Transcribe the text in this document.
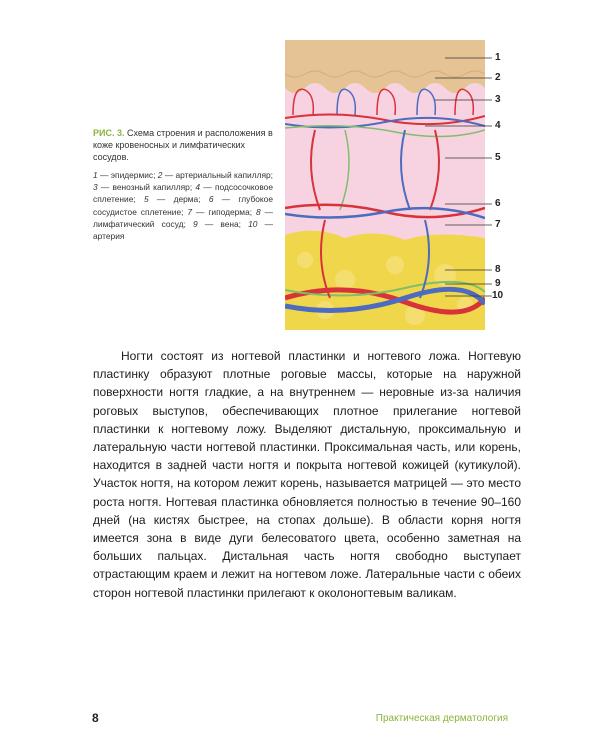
РИС. 3. Схема строения и расположения в коже кровеносных и лимфатических сосудов.

1 — эпидермис; 2 — артериальный капилляр; 3 — венозный капилляр; 4 — подсосочковое сплетение; 5 — дерма; 6 — глубокое сосудистое сплетение; 7 — гиподерма; 8 — лимфатический сосуд; 9 — вена; 10 — артерия

1
2
3
4
5
6
7
8
9
10

Ногти состоят из ногтевой пластинки и ногтевого ложа. Ногтевую пластинку образуют плотные роговые массы, которые на наружной поверхности ногтя гладкие, а на внутреннем — неровные из-за наличия роговых выступов, обеспечивающих плотное прилегание ногтевой пластинки к ногтевому ложу. Выделяют дистальную, проксимальную и латеральную части ногтевой пластинки. Проксимальная часть, или корень, находится в задней части ногтя и покрыта ногтевой кожицей (кутикулой). Участок ногтя, на котором лежит корень, называется матрицей — это место роста ногтя. Ногтевая пластинка обновляется полностью в течение 90–160 дней (на кистях быстрее, на стопах дольше). В области корня ногтя имеется зона в виде дуги белесоватого цвета, особенно заметная на больших пальцах. Дистальная часть ногтя свободно выступает отрастающим краем и лежит на ногтевом ложе. Латеральные части с обеих сторон ногтевой пластинки прилегают к околоногтевым валикам.

8	Практическая дерматология
